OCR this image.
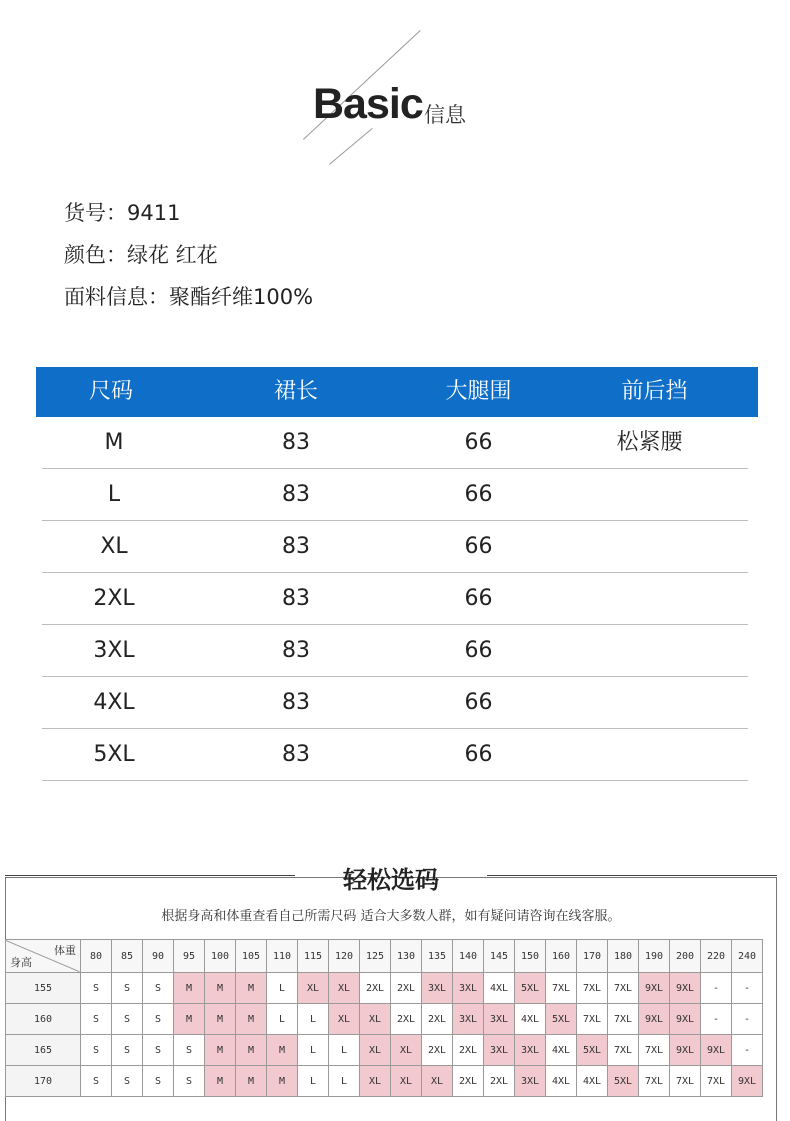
Basic 信息
货号：9411
颜色：绿花 红花
面料信息：聚酯纤维100%
尺码	裙长	大腿围	前后挡
M	83	66	松紧腰
L	83	66
XL	83	66
2XL	83	66
3XL	83	66
4XL	83	66
5XL	83	66
轻松选码
根据身高和体重查看自己所需尺码 适合大多数人群，如有疑问请咨询在线客服。
体重
身高	80	85	90	95	100	105	110	115	120	125	130	135	140	145	150	160	170	180	190	200	220	240
155	S	S	S	M	M	M	L	XL	XL	2XL	2XL	3XL	3XL	4XL	5XL	7XL	7XL	7XL	9XL	9XL	-	-
160	S	S	S	M	M	M	L	L	XL	XL	2XL	2XL	3XL	3XL	4XL	5XL	7XL	7XL	9XL	9XL	-	-
165	S	S	S	S	M	M	M	L	L	XL	XL	2XL	2XL	3XL	3XL	4XL	5XL	7XL	7XL	9XL	9XL	-
170	S	S	S	S	M	M	M	L	L	XL	XL	XL	2XL	2XL	3XL	4XL	4XL	5XL	7XL	7XL	7XL	9XL
